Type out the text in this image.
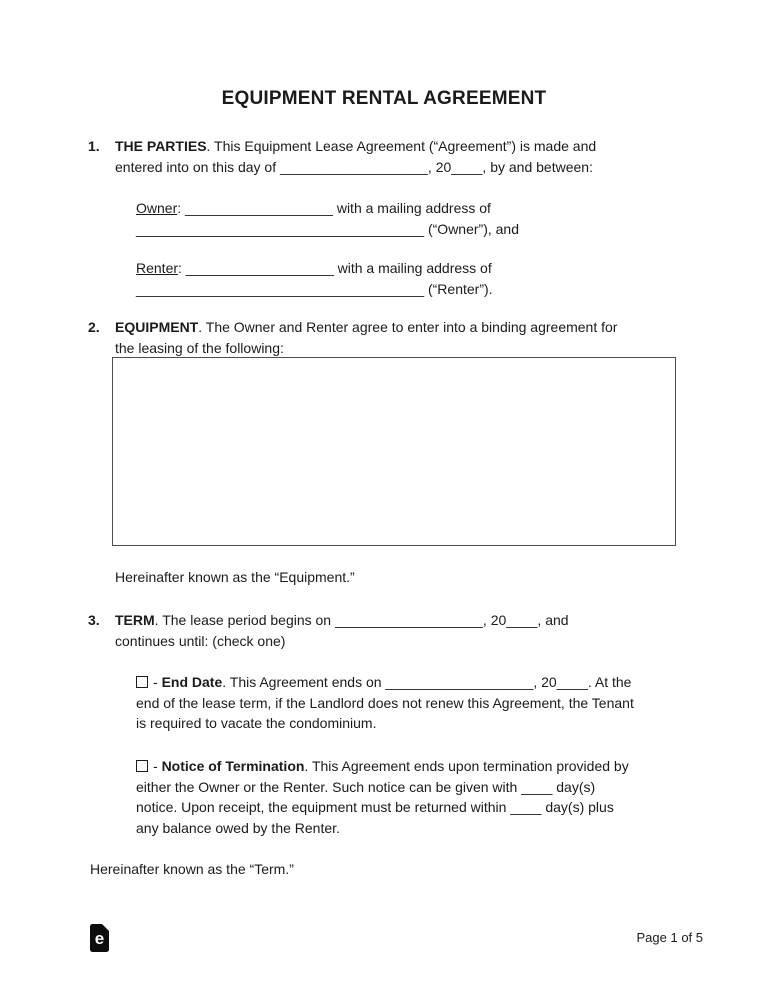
EQUIPMENT RENTAL AGREEMENT
1. THE PARTIES. This Equipment Lease Agreement (“Agreement”) is made and
entered into on this day of ___________________, 20____, by and between:
Owner: ___________________ with a mailing address of
_____________________________________ (“Owner”), and
Renter: ___________________ with a mailing address of
_____________________________________ (“Renter”).
2. EQUIPMENT. The Owner and Renter agree to enter into a binding agreement for
the leasing of the following:
Hereinafter known as the “Equipment.”
3. TERM. The lease period begins on ___________________, 20____, and
continues until: (check one)
- End Date. This Agreement ends on ___________________, 20____. At the
end of the lease term, if the Landlord does not renew this Agreement, the Tenant
is required to vacate the condominium.
- Notice of Termination. This Agreement ends upon termination provided by
either the Owner or the Renter. Such notice can be given with ____ day(s)
notice. Upon receipt, the equipment must be returned within ____ day(s) plus
any balance owed by the Renter.
Hereinafter known as the “Term.”
e	Page 1 of 5
